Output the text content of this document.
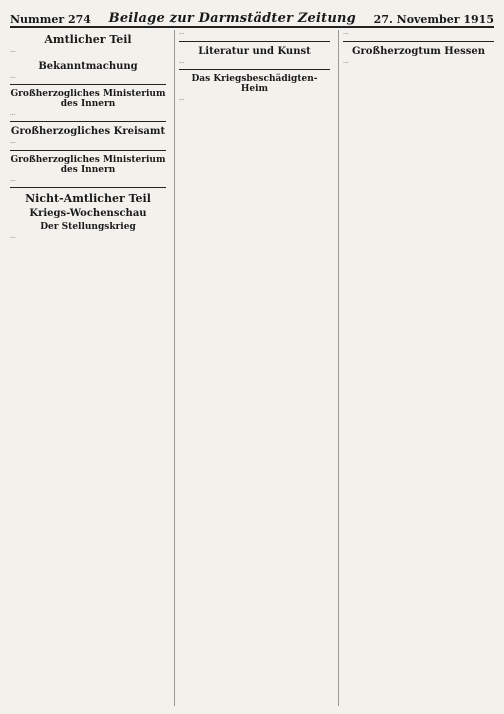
Nummer 274 Beilage zur Darmstädter Zeitung 27. November 1915
Amtlicher Teil

…

Bekanntmachung

…

Großherzogliches Ministerium des Innern

…

Großherzogliches Kreisamt

…

Großherzogliches Ministerium des Innern

…

Nicht-Amtlicher Teil
Kriegs-Wochenschau
Der Stellungskrieg

…

…

Literatur und Kunst

…

Das Kriegsbeschädigten-Heim

…

…

Großherzogtum Hessen

…
